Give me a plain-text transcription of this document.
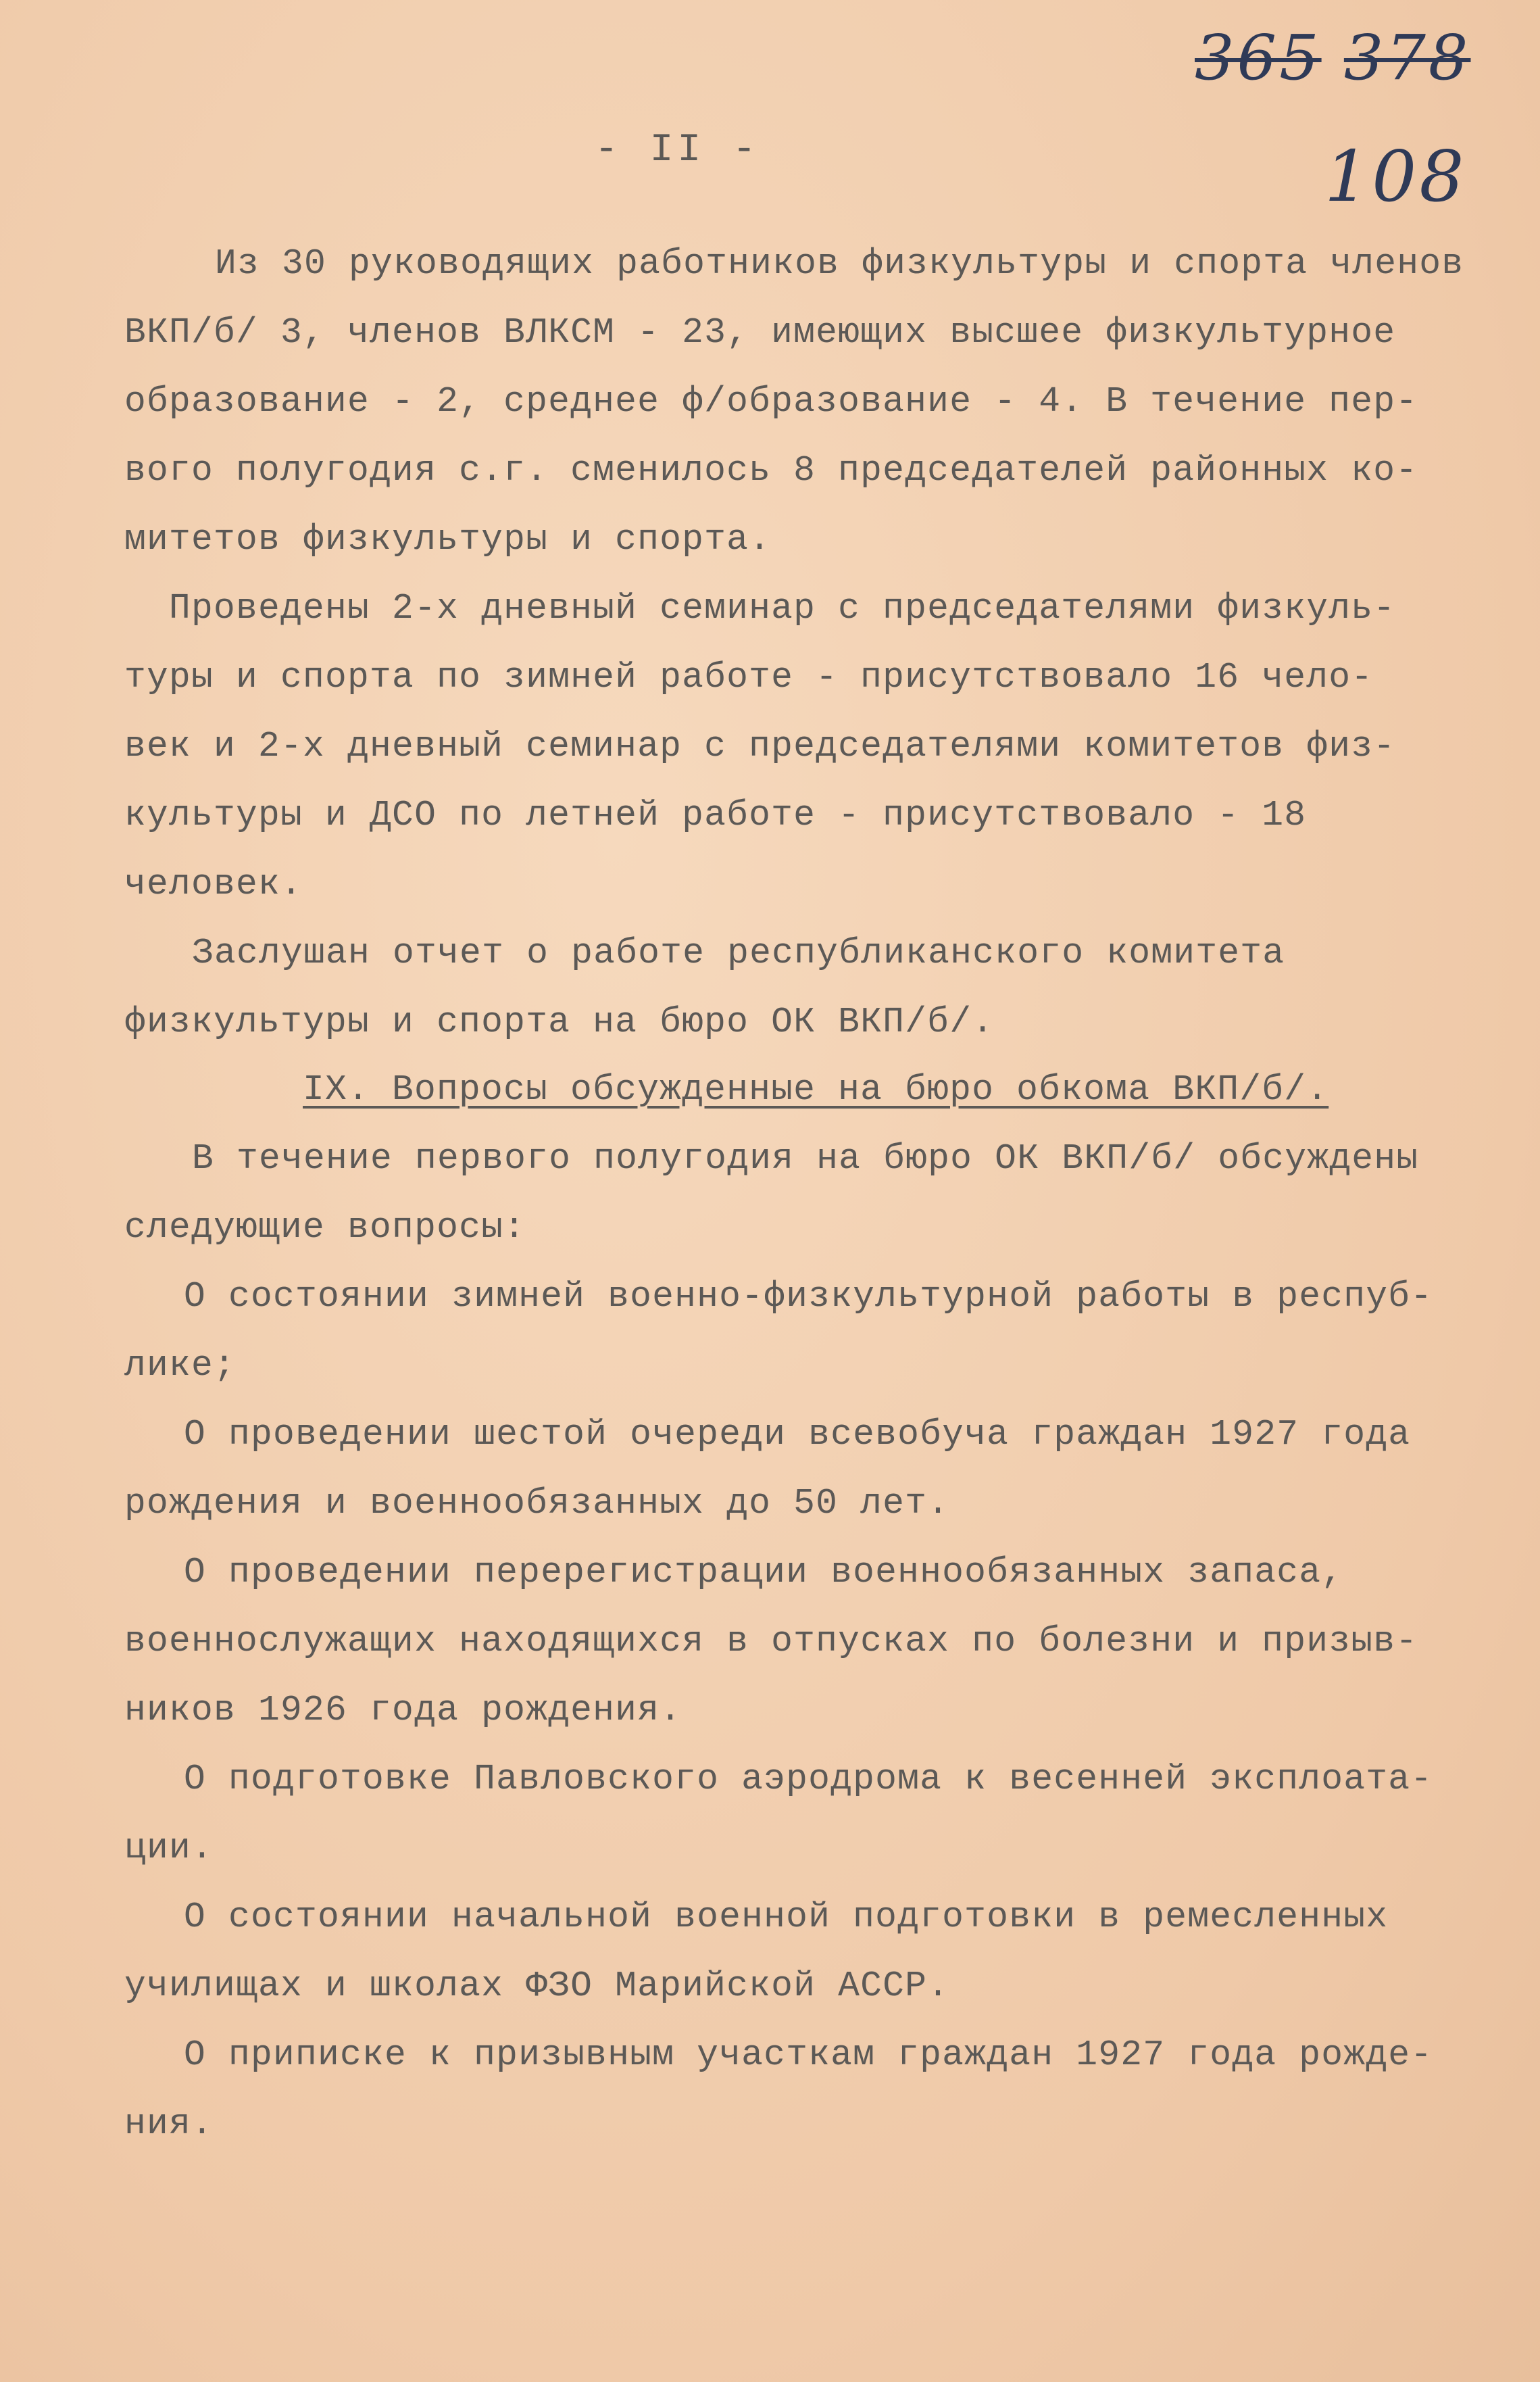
365 378
108
- II -
Из 30 руководящих работников физкультуры и спорта членов
ВКП/б/ 3, членов ВЛКСМ - 23, имеющих высшее физкультурное
образование - 2, среднее ф/образование - 4. В течение пер-
вого полугодия с.г. сменилось 8 председателей районных ко-
митетов физкультуры и спорта.
Проведены 2-х дневный семинар с председателями физкуль-
туры и спорта по зимней работе - присутствовало 16 чело-
век и 2-х дневный семинар с председателями комитетов физ-
культуры и ДСО по летней работе - присутствовало - 18
человек.
Заслушан отчет о работе республиканского комитета
физкультуры и спорта на бюро ОК ВКП/б/.
IX. Вопросы обсужденные на бюро обкома ВКП/б/.
В течение первого полугодия на бюро ОК ВКП/б/ обсуждены
следующие вопросы:
О состоянии зимней военно-физкультурной работы в респуб-
лике;
О проведении шестой очереди всевобуча граждан 1927 года
рождения и военнообязанных до 50 лет.
О проведении перерегистрации военнообязанных запаса,
военнослужащих находящихся в отпусках по болезни и призыв-
ников 1926 года рождения.
О подготовке Павловского аэродрома к весенней эксплоата-
ции.
О состоянии начальной военной подготовки в ремесленных
училищах и школах ФЗО Марийской АССР.
О приписке к призывным участкам граждан 1927 года рожде-
ния.
